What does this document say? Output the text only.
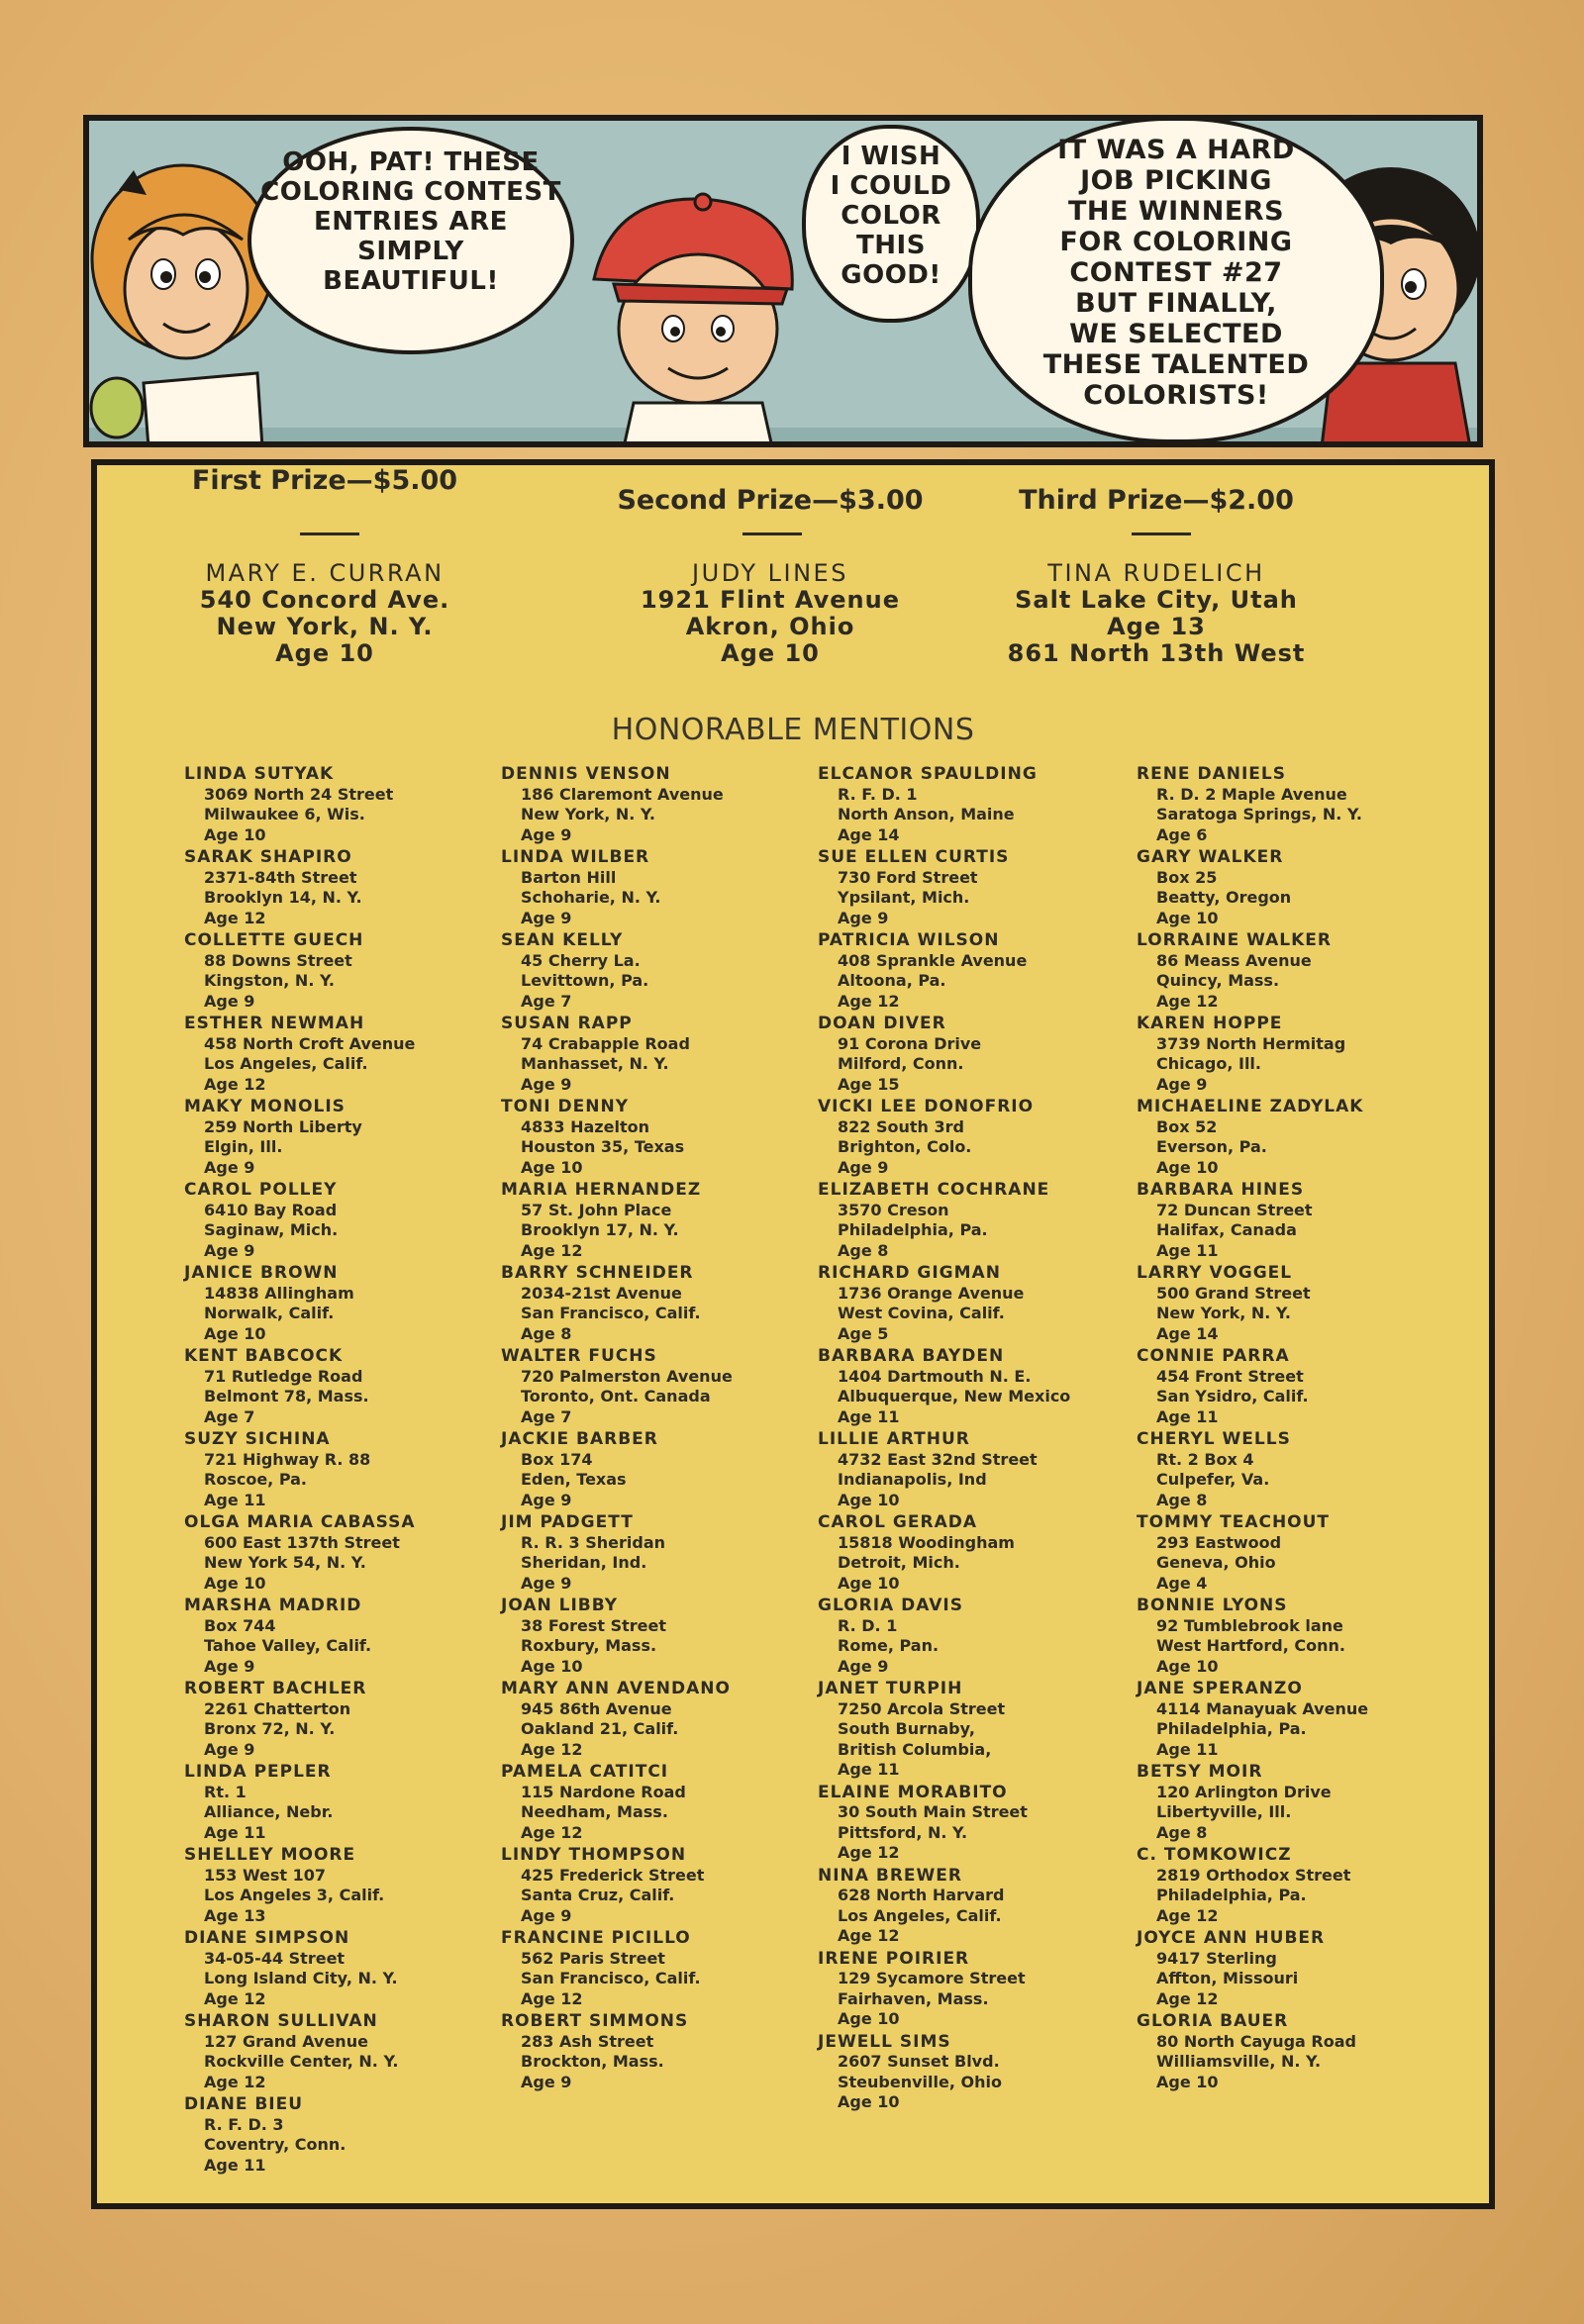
OOH, PAT! THESE
COLORING CONTEST
ENTRIES ARE
SIMPLY
BEAUTIFUL!
I WISH
I COULD
COLOR
THIS
GOOD!
IT WAS A HARD
JOB PICKING
THE WINNERS
FOR COLORING
CONTEST #27
BUT FINALLY,
WE SELECTED
THESE TALENTED
COLORISTS!
First Prize—$5.00
Second Prize—$3.00	Third Prize—$2.00
MARY E. CURRAN
540 Concord Ave.
New York, N. Y.
Age 10
JUDY LINES
1921 Flint Avenue
Akron, Ohio
Age 10
TINA RUDELICH
Salt Lake City, Utah
Age 13
861 North 13th West
HONORABLE MENTIONS
LINDA SUTYAK
3069 North 24 Street
Milwaukee 6, Wis.
Age 10
SARAK SHAPIRO
2371-84th Street
Brooklyn 14, N. Y.
Age 12
COLLETTE GUECH
88 Downs Street
Kingston, N. Y.
Age 9
ESTHER NEWMAH
458 North Croft Avenue
Los Angeles, Calif.
Age 12
MAKY MONOLIS
259 North Liberty
Elgin, Ill.
Age 9
CAROL POLLEY
6410 Bay Road
Saginaw, Mich.
Age 9
JANICE BROWN
14838 Allingham
Norwalk, Calif.
Age 10
KENT BABCOCK
71 Rutledge Road
Belmont 78, Mass.
Age 7
SUZY SICHINA
721 Highway R. 88
Roscoe, Pa.
Age 11
OLGA MARIA CABASSA
600 East 137th Street
New York 54, N. Y.
Age 10
MARSHA MADRID
Box 744
Tahoe Valley, Calif.
Age 9
ROBERT BACHLER
2261 Chatterton
Bronx 72, N. Y.
Age 9
LINDA PEPLER
Rt. 1
Alliance, Nebr.
Age 11
SHELLEY MOORE
153 West 107
Los Angeles 3, Calif.
Age 13
DIANE SIMPSON
34-05-44 Street
Long Island City, N. Y.
Age 12
SHARON SULLIVAN
127 Grand Avenue
Rockville Center, N. Y.
Age 12
DIANE BIEU
R. F. D. 3
Coventry, Conn.
Age 11
DENNIS VENSON
186 Claremont Avenue
New York, N. Y.
Age 9
LINDA WILBER
Barton Hill
Schoharie, N. Y.
Age 9
SEAN KELLY
45 Cherry La.
Levittown, Pa.
Age 7
SUSAN RAPP
74 Crabapple Road
Manhasset, N. Y.
Age 9
TONI DENNY
4833 Hazelton
Houston 35, Texas
Age 10
MARIA HERNANDEZ
57 St. John Place
Brooklyn 17, N. Y.
Age 12
BARRY SCHNEIDER
2034-21st Avenue
San Francisco, Calif.
Age 8
WALTER FUCHS
720 Palmerston Avenue
Toronto, Ont. Canada
Age 7
JACKIE BARBER
Box 174
Eden, Texas
Age 9
JIM PADGETT
R. R. 3 Sheridan
Sheridan, Ind.
Age 9
JOAN LIBBY
38 Forest Street
Roxbury, Mass.
Age 10
MARY ANN AVENDANO
945 86th Avenue
Oakland 21, Calif.
Age 12
PAMELA CATITCI
115 Nardone Road
Needham, Mass.
Age 12
LINDY THOMPSON
425 Frederick Street
Santa Cruz, Calif.
Age 9
FRANCINE PICILLO
562 Paris Street
San Francisco, Calif.
Age 12
ROBERT SIMMONS
283 Ash Street
Brockton, Mass.
Age 9
ELCANOR SPAULDING
R. F. D. 1
North Anson, Maine
Age 14
SUE ELLEN CURTIS
730 Ford Street
Ypsilant, Mich.
Age 9
PATRICIA WILSON
408 Sprankle Avenue
Altoona, Pa.
Age 12
DOAN DIVER
91 Corona Drive
Milford, Conn.
Age 15
VICKI LEE DONOFRIO
822 South 3rd
Brighton, Colo.
Age 9
ELIZABETH COCHRANE
3570 Creson
Philadelphia, Pa.
Age 8
RICHARD GIGMAN
1736 Orange Avenue
West Covina, Calif.
Age 5
BARBARA BAYDEN
1404 Dartmouth N. E.
Albuquerque, New Mexico
Age 11
LILLIE ARTHUR
4732 East 32nd Street
Indianapolis, Ind
Age 10
CAROL GERADA
15818 Woodingham
Detroit, Mich.
Age 10
GLORIA DAVIS
R. D. 1
Rome, Pan.
Age 9
JANET TURPIH
7250 Arcola Street
South Burnaby,
British Columbia,
Age 11
ELAINE MORABITO
30 South Main Street
Pittsford, N. Y.
Age 12
NINA BREWER
628 North Harvard
Los Angeles, Calif.
Age 12
IRENE POIRIER
129 Sycamore Street
Fairhaven, Mass.
Age 10
JEWELL SIMS
2607 Sunset Blvd.
Steubenville, Ohio
Age 10
RENE DANIELS
R. D. 2 Maple Avenue
Saratoga Springs, N. Y.
Age 6
GARY WALKER
Box 25
Beatty, Oregon
Age 10
LORRAINE WALKER
86 Meass Avenue
Quincy, Mass.
Age 12
KAREN HOPPE
3739 North Hermitag
Chicago, Ill.
Age 9
MICHAELINE ZADYLAK
Box 52
Everson, Pa.
Age 10
BARBARA HINES
72 Duncan Street
Halifax, Canada
Age 11
LARRY VOGGEL
500 Grand Street
New York, N. Y.
Age 14
CONNIE PARRA
454 Front Street
San Ysidro, Calif.
Age 11
CHERYL WELLS
Rt. 2 Box 4
Culpefer, Va.
Age 8
TOMMY TEACHOUT
293 Eastwood
Geneva, Ohio
Age 4
BONNIE LYONS
92 Tumblebrook lane
West Hartford, Conn.
Age 10
JANE SPERANZO
4114 Manayuak Avenue
Philadelphia, Pa.
Age 11
BETSY MOIR
120 Arlington Drive
Libertyville, Ill.
Age 8
C. TOMKOWICZ
2819 Orthodox Street
Philadelphia, Pa.
Age 12
JOYCE ANN HUBER
9417 Sterling
Affton, Missouri
Age 12
GLORIA BAUER
80 North Cayuga Road
Williamsville, N. Y.
Age 10
